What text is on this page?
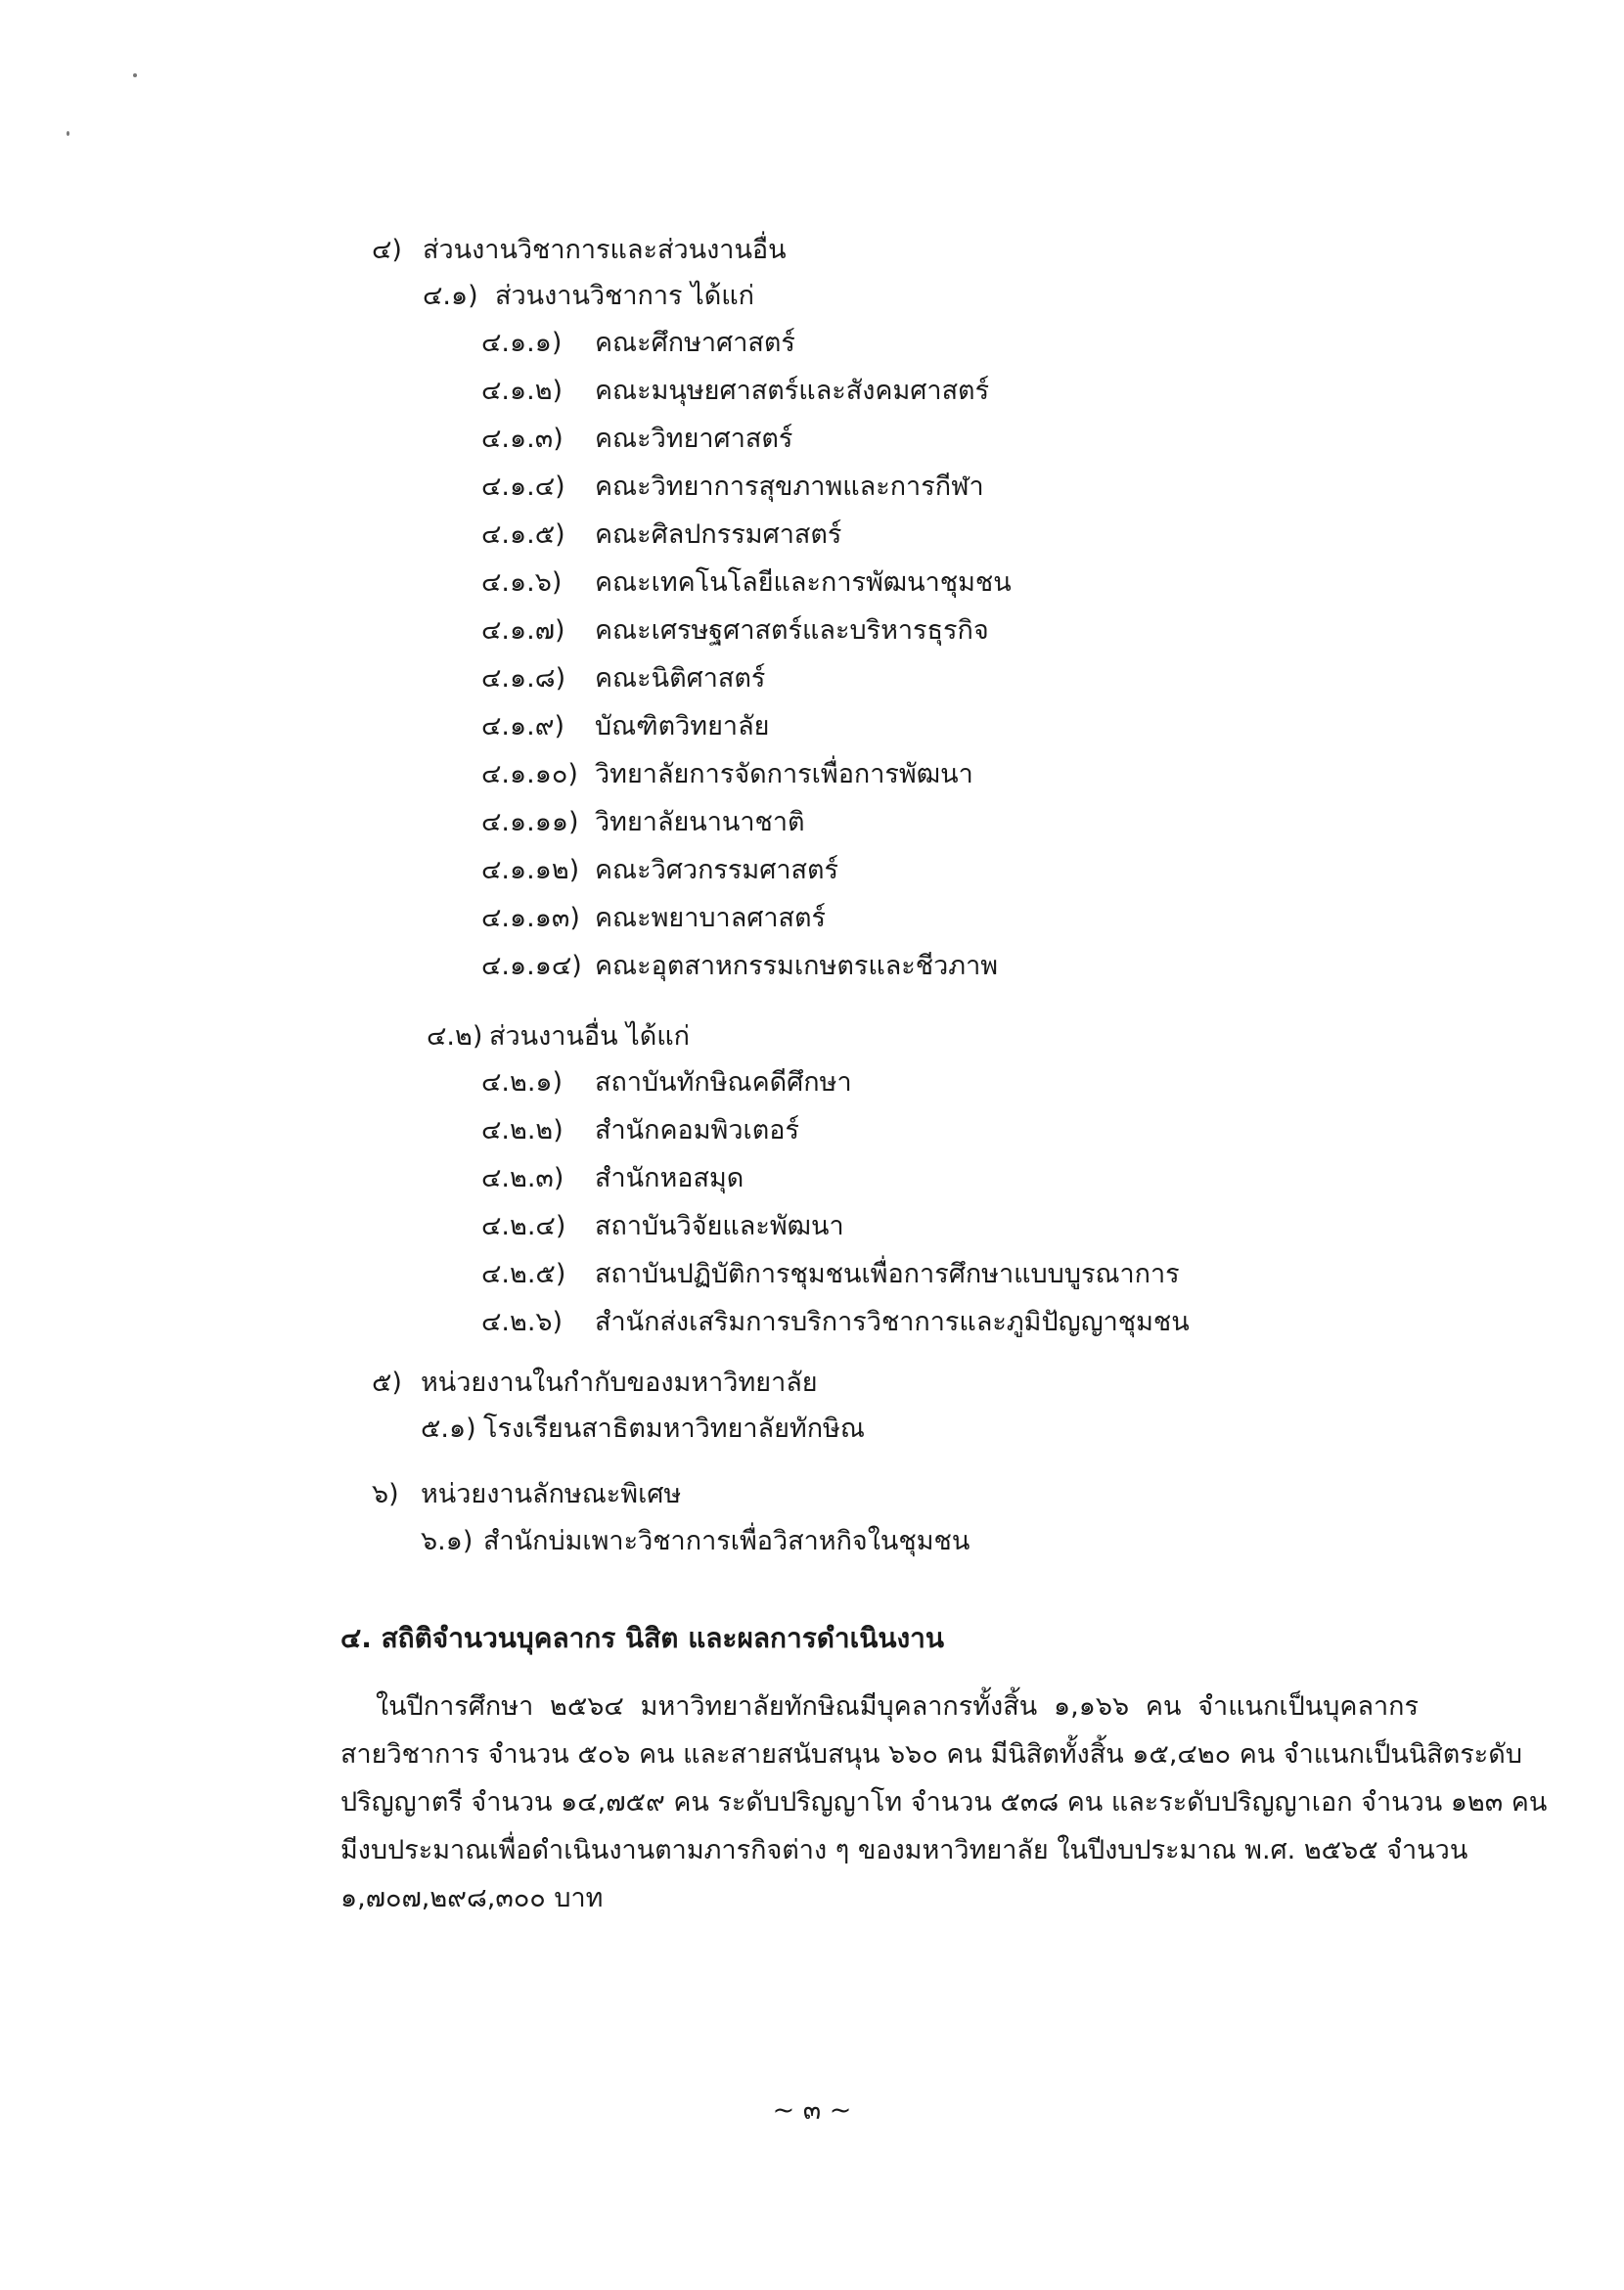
๔) ส่วนงานวิชาการและส่วนงานอื่น
๔.๑) ส่วนงานวิชาการ ได้แก่
๔.๑.๑) คณะศึกษาศาสตร์
๔.๑.๒) คณะมนุษยศาสตร์และสังคมศาสตร์
๔.๑.๓) คณะวิทยาศาสตร์
๔.๑.๔) คณะวิทยาการสุขภาพและการกีฬา
๔.๑.๕) คณะศิลปกรรมศาสตร์
๔.๑.๖) คณะเทคโนโลยีและการพัฒนาชุมชน
๔.๑.๗) คณะเศรษฐศาสตร์และบริหารธุรกิจ
๔.๑.๘) คณะนิติศาสตร์
๔.๑.๙) บัณฑิตวิทยาลัย
๔.๑.๑๐) วิทยาลัยการจัดการเพื่อการพัฒนา
๔.๑.๑๑) วิทยาลัยนานาชาติ
๔.๑.๑๒) คณะวิศวกรรมศาสตร์
๔.๑.๑๓) คณะพยาบาลศาสตร์
๔.๑.๑๔) คณะอุตสาหกรรมเกษตรและชีวภาพ
๔.๒) ส่วนงานอื่น ได้แก่
๔.๒.๑) สถาบันทักษิณคดีศึกษา
๔.๒.๒) สำนักคอมพิวเตอร์
๔.๒.๓) สำนักหอสมุด
๔.๒.๔) สถาบันวิจัยและพัฒนา
๔.๒.๕) สถาบันปฏิบัติการชุมชนเพื่อการศึกษาแบบบูรณาการ
๔.๒.๖) สำนักส่งเสริมการบริการวิชาการและภูมิปัญญาชุมชน
๕) หน่วยงานในกำกับของมหาวิทยาลัย
๕.๑) โรงเรียนสาธิตมหาวิทยาลัยทักษิณ
๖) หน่วยงานลักษณะพิเศษ
๖.๑) สำนักบ่มเพาะวิชาการเพื่อวิสาหกิจในชุมชน
๔. สถิติจำนวนบุคลากร นิสิต และผลการดำเนินงาน
ในปีการศึกษา ๒๕๖๔ มหาวิทยาลัยทักษิณมีบุคลากรทั้งสิ้น ๑,๑๖๖ คน จำแนกเป็นบุคลากร
สายวิชาการ จำนวน ๕๐๖ คน และสายสนับสนุน ๖๖๐ คน มีนิสิตทั้งสิ้น ๑๕,๔๒๐ คน จำแนกเป็นนิสิตระดับ
ปริญญาตรี จำนวน ๑๔,๗๕๙ คน ระดับปริญญาโท จำนวน ๕๓๘ คน และระดับปริญญาเอก จำนวน ๑๒๓ คน
มีงบประมาณเพื่อดำเนินงานตามภารกิจต่าง ๆ ของมหาวิทยาลัย ในปีงบประมาณ พ.ศ. ๒๕๖๕ จำนวน
๑,๗๐๗,๒๙๘,๓๐๐ บาท
~ ๓ ~
